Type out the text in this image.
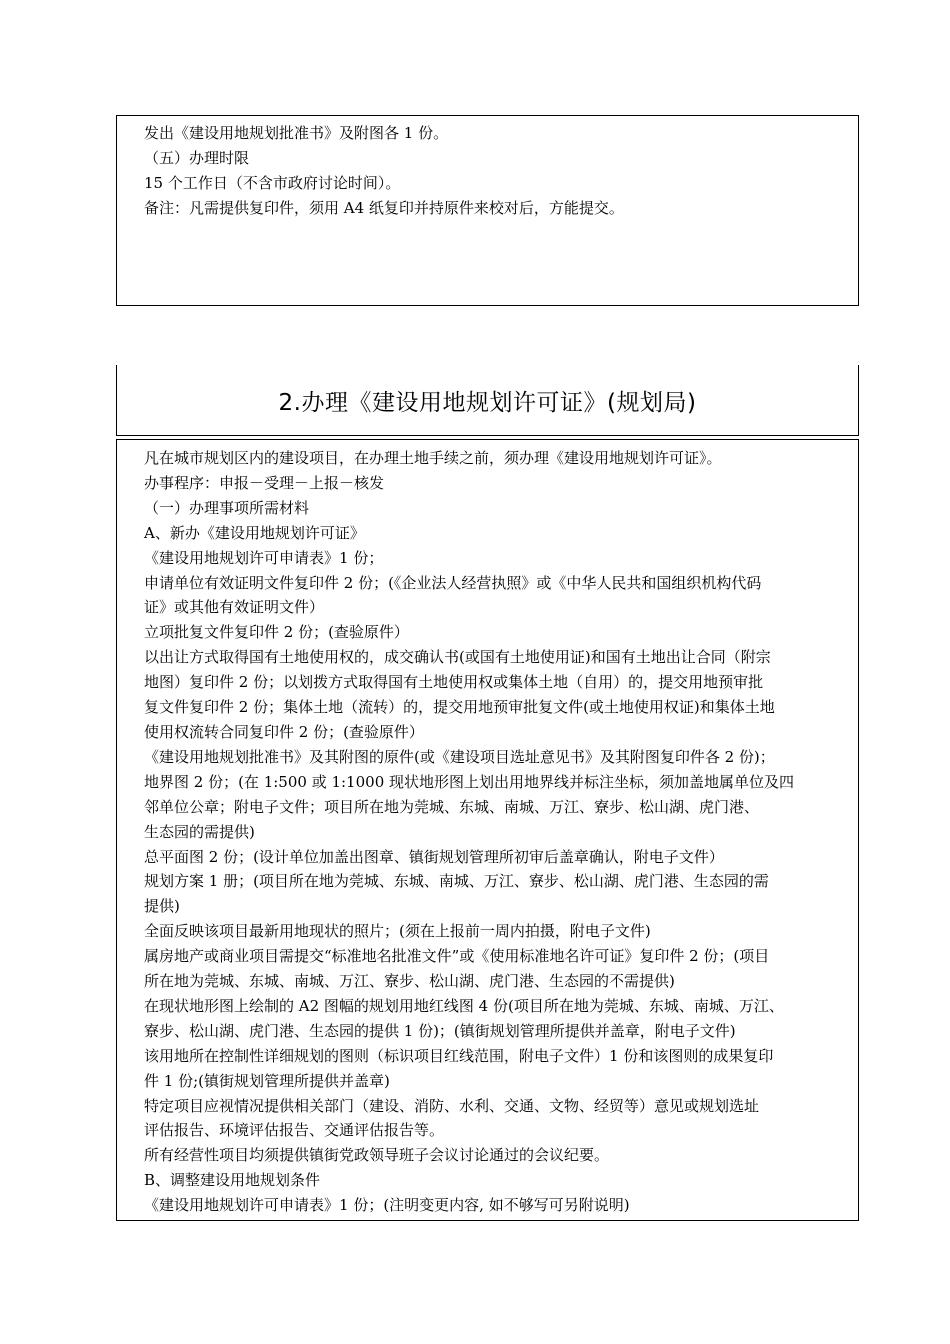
发出《建设用地规划批准书》及附图各 1 份。
（五）办理时限
15 个工作日（不含市政府讨论时间）。
备注：凡需提供复印件，须用 A4 纸复印并持原件来校对后，方能提交。
2.办理《建设用地规划许可证》(规划局)
凡在城市规划区内的建设项目，在办理土地手续之前，须办理《建设用地规划许可证》。
办事程序：申报－受理－上报－核发
（一）办理事项所需材料
A、新办《建设用地规划许可证》
《建设用地规划许可申请表》1 份；
申请单位有效证明文件复印件 2 份；(《企业法人经营执照》或《中华人民共和国组织机构代码
证》或其他有效证明文件）
立项批复文件复印件 2 份；(查验原件）
以出让方式取得国有土地使用权的，成交确认书(或国有土地使用证)和国有土地出让合同（附宗
地图）复印件 2 份；以划拨方式取得国有土地使用权或集体土地（自用）的，提交用地预审批
复文件复印件 2 份；集体土地（流转）的，提交用地预审批复文件(或土地使用权证)和集体土地
使用权流转合同复印件 2 份；(查验原件）
《建设用地规划批准书》及其附图的原件(或《建设项目选址意见书》及其附图复印件各 2 份)；
地界图 2 份；(在 1:500 或 1:1000 现状地形图上划出用地界线并标注坐标，须加盖地属单位及四
邻单位公章；附电子文件；项目所在地为莞城、东城、南城、万江、寮步、松山湖、虎门港、
生态园的需提供)
总平面图 2 份；(设计单位加盖出图章、镇街规划管理所初审后盖章确认，附电子文件）
规划方案 1 册；(项目所在地为莞城、东城、南城、万江、寮步、松山湖、虎门港、生态园的需
提供)
全面反映该项目最新用地现状的照片；(须在上报前一周内拍摄，附电子文件)
属房地产或商业项目需提交“标准地名批准文件”或《使用标准地名许可证》复印件 2 份；(项目
所在地为莞城、东城、南城、万江、寮步、松山湖、虎门港、生态园的不需提供)
在现状地形图上绘制的 A2 图幅的规划用地红线图 4 份(项目所在地为莞城、东城、南城、万江、
寮步、松山湖、虎门港、生态园的提供 1 份)；(镇街规划管理所提供并盖章，附电子文件)
该用地所在控制性详细规划的图则（标识项目红线范围，附电子文件）1 份和该图则的成果复印
件 1 份;(镇街规划管理所提供并盖章)
特定项目应视情况提供相关部门（建设、消防、水利、交通、文物、经贸等）意见或规划选址
评估报告、环境评估报告、交通评估报告等。
所有经营性项目均须提供镇街党政领导班子会议讨论通过的会议纪要。
B、调整建设用地规划条件
《建设用地规划许可申请表》1 份；(注明变更内容, 如不够写可另附说明)
